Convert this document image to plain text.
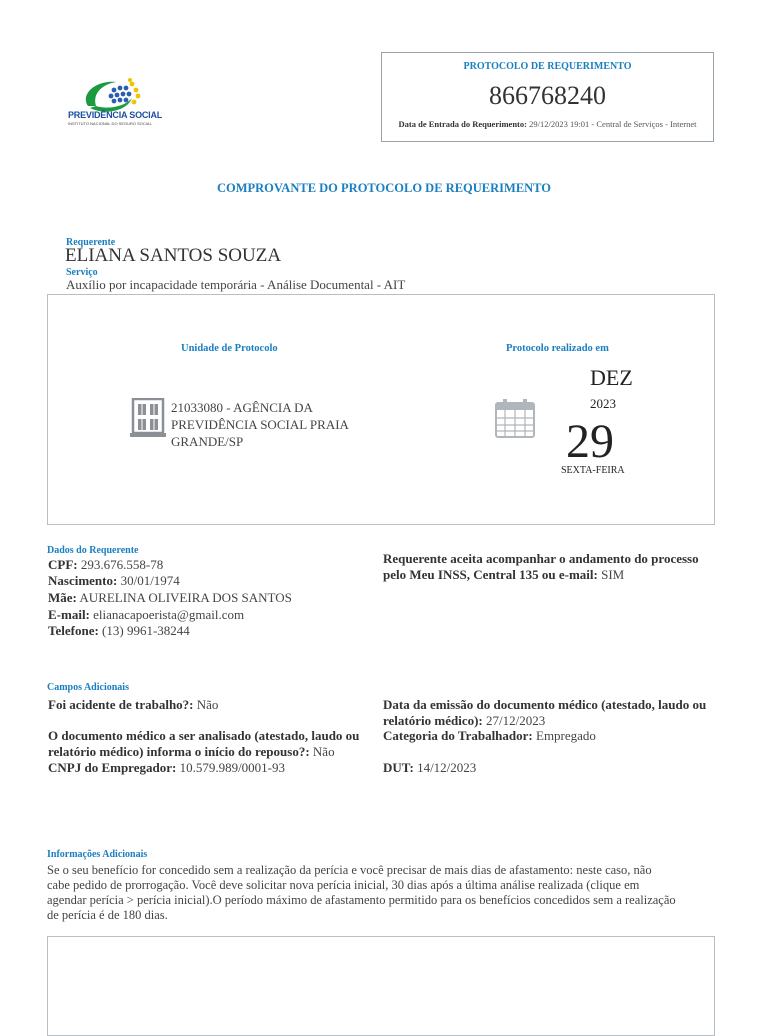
PREVIDÊNCIA SOCIAL
INSTITUTO NACIONAL DO SEGURO SOCIAL
PROTOCOLO DE REQUERIMENTO
866768240
Data de Entrada do Requerimento: 29/12/2023 19:01 - Central de Serviços - Internet
COMPROVANTE DO PROTOCOLO DE REQUERIMENTO
Requerente
ELIANA SANTOS SOUZA
Serviço
Auxílio por incapacidade temporária - Análise Documental - AIT
Unidade de Protocolo	Protocolo realizado em
21033080 - AGÊNCIA DA PREVIDÊNCIA SOCIAL PRAIA GRANDE/SP
DEZ
2023
29
SEXTA-FEIRA
Dados do Requerente
CPF: 293.676.558-78
Nascimento: 30/01/1974
Mãe: AURELINA OLIVEIRA DOS SANTOS
E-mail: elianacapoerista@gmail.com
Telefone: (13) 9961-38244
Requerente aceita acompanhar o andamento do processo pelo Meu INSS, Central 135 ou e-mail: SIM
Campos Adicionais
Foi acidente de trabalho?: Não
O documento médico a ser analisado (atestado, laudo ou relatório médico) informa o início do repouso?: Não
CNPJ do Empregador: 10.579.989/0001-93
Data da emissão do documento médico (atestado, laudo ou relatório médico): 27/12/2023
Categoria do Trabalhador: Empregado
DUT: 14/12/2023
Informações Adicionais
Se o seu benefício for concedido sem a realização da perícia e você precisar de mais dias de afastamento: neste caso, não cabe pedido de prorrogação. Você deve solicitar nova perícia inicial, 30 dias após a última análise realizada (clique em agendar perícia > perícia inicial).O período máximo de afastamento permitido para os benefícios concedidos sem a realização de perícia é de 180 dias.
